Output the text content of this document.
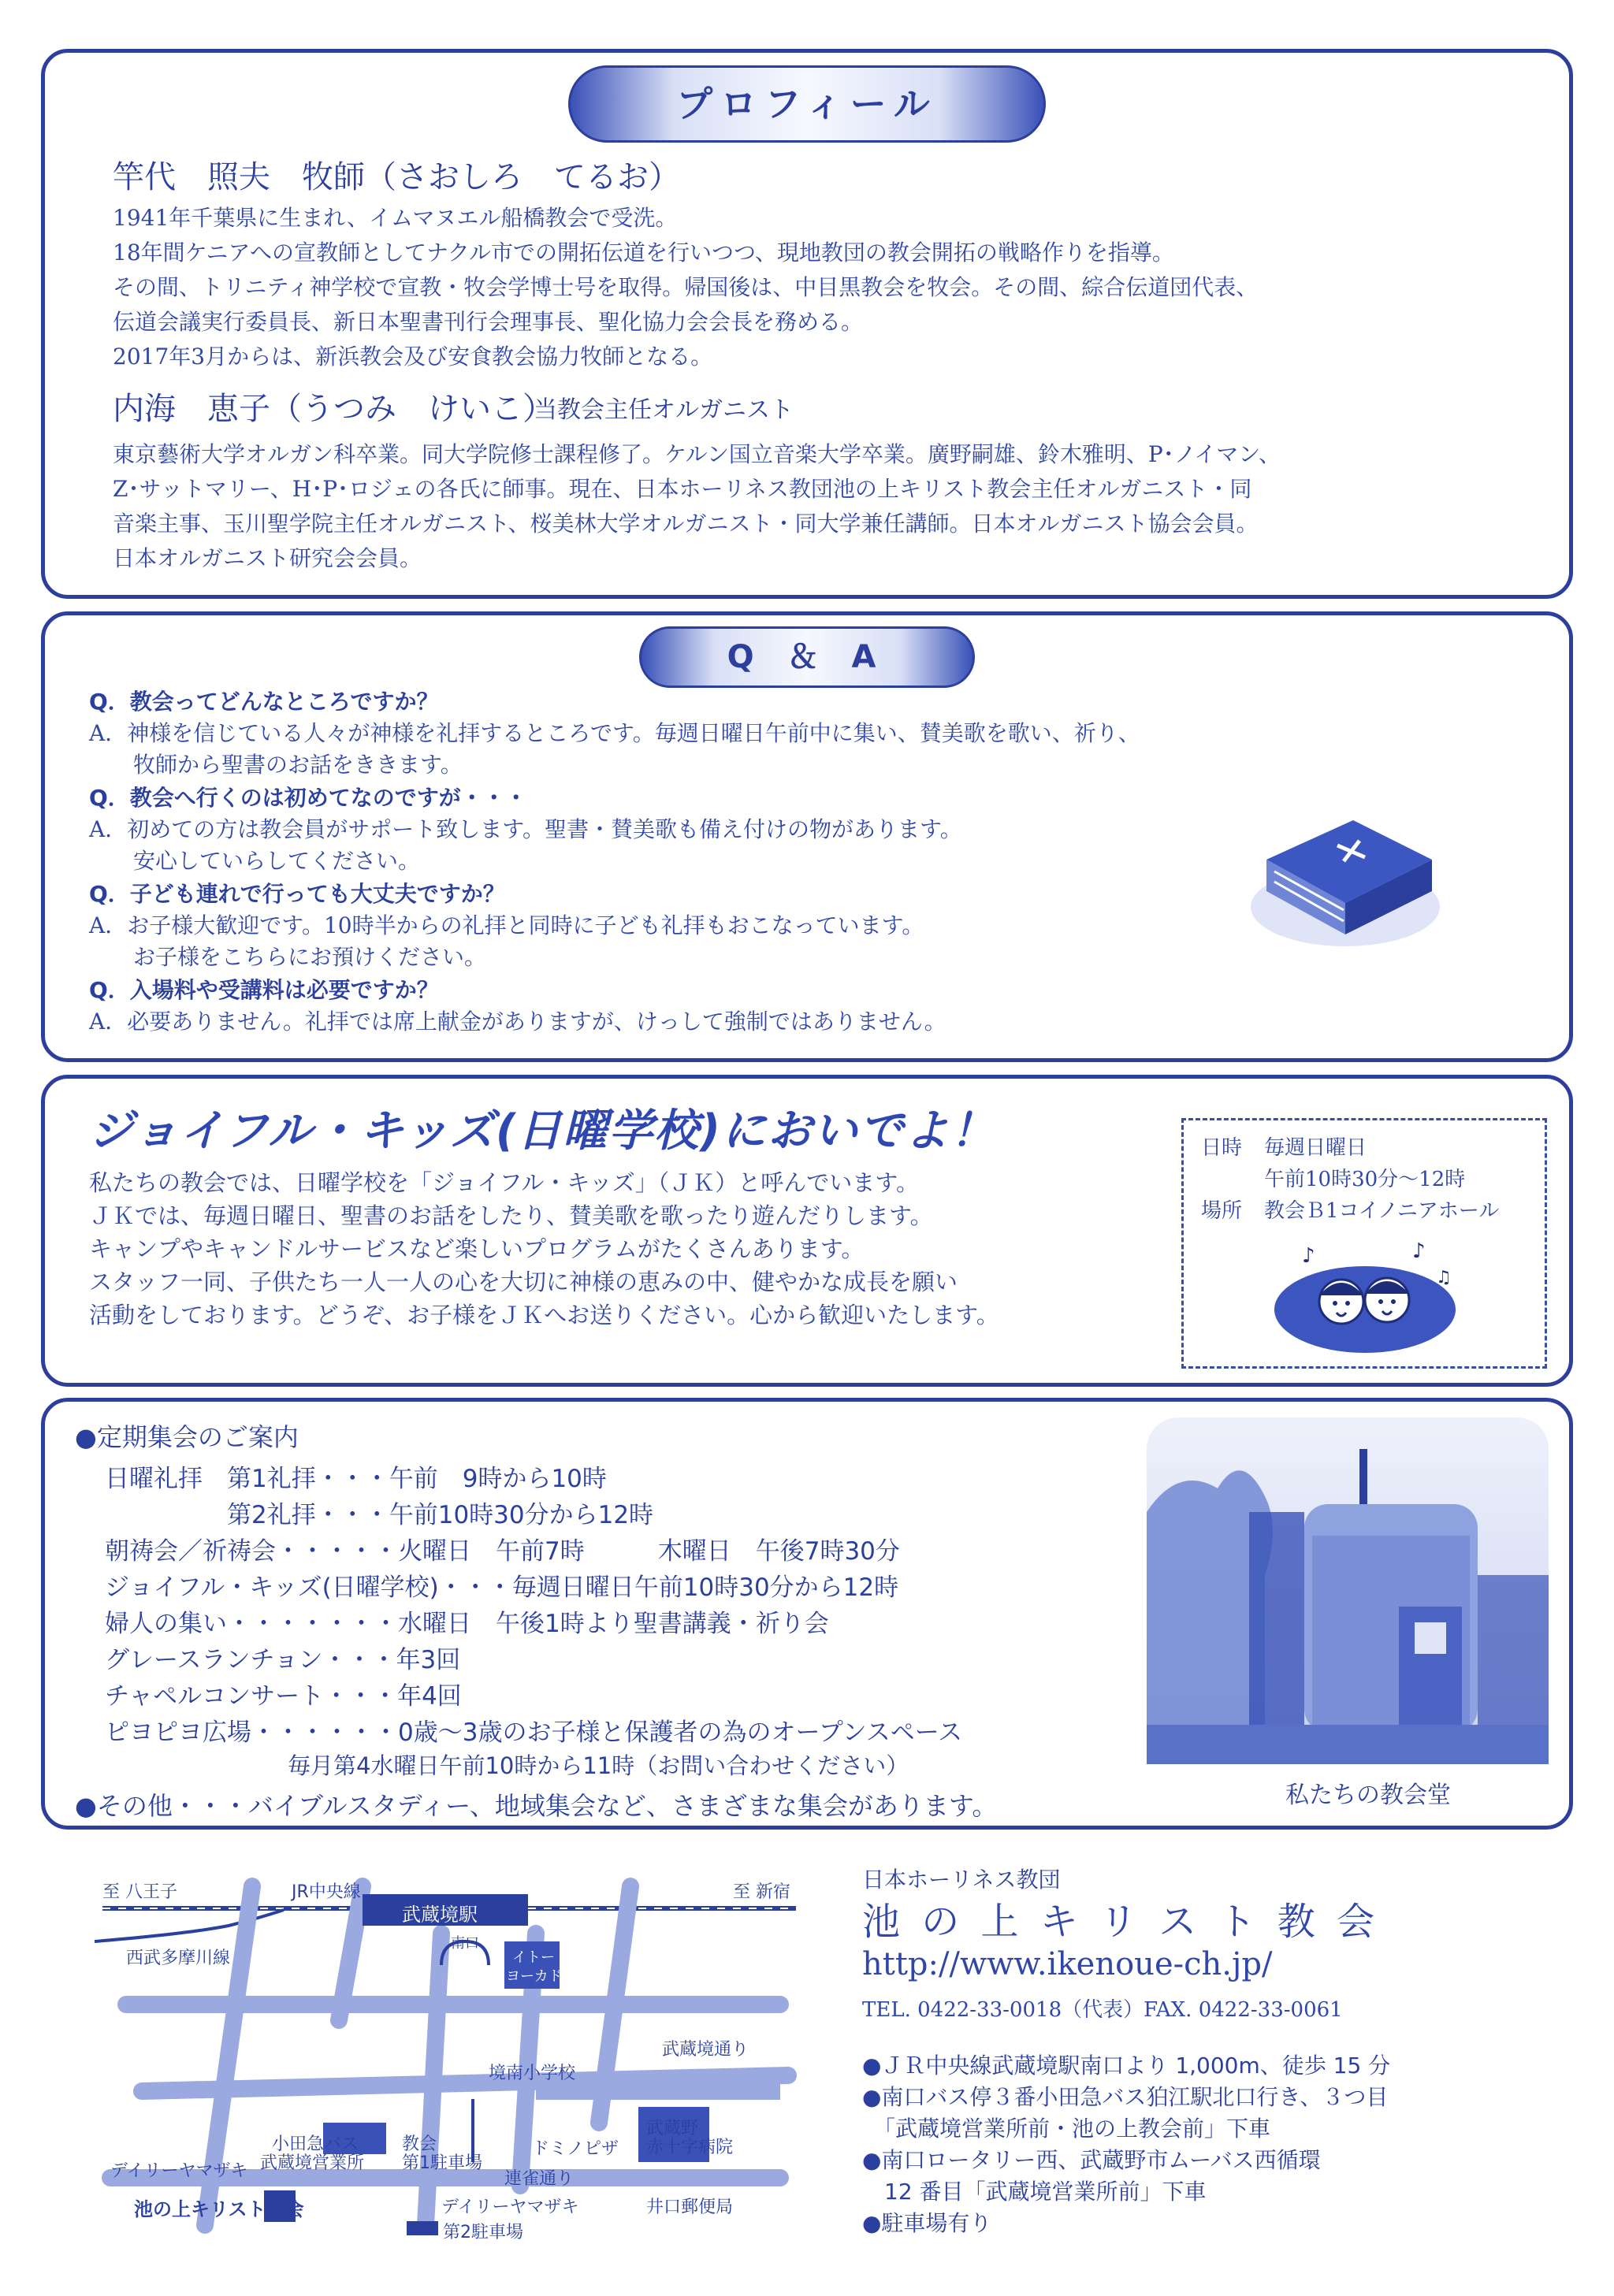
プロフィール
竿代　照夫　牧師（さおしろ　てるお）
1941年千葉県に生まれ、イムマヌエル船橋教会で受洗。
18年間ケニアへの宣教師としてナクル市での開拓伝道を行いつつ、現地教団の教会開拓の戦略作りを指導。
その間、トリニティ神学校で宣教・牧会学博士号を取得。帰国後は、中目黒教会を牧会。その間、綜合伝道団代表、
伝道会議実行委員長、新日本聖書刊行会理事長、聖化協力会会長を務める。
2017年3月からは、新浜教会及び安食教会協力牧師となる。
内海　恵子（うつみ　けいこ）
当教会主任オルガニスト
東京藝術大学オルガン科卒業。同大学院修士課程修了。ケルン国立音楽大学卒業。廣野嗣雄、鈴木雅明、P･ノイマン、
Z･サットマリー、H･P･ロジェの各氏に師事。現在、日本ホーリネス教団池の上キリスト教会主任オルガニスト・同
音楽主事、玉川聖学院主任オルガニスト、桜美林大学オルガニスト・同大学兼任講師。日本オルガニスト協会会員。
日本オルガニスト研究会会員。
Q ＆ A
Q．教会ってどんなところですか？
A．神様を信じている人々が神様を礼拝するところです。毎週日曜日午前中に集い、賛美歌を歌い、祈り、
　　牧師から聖書のお話をききます。
Q．教会へ行くのは初めてなのですが・・・
A．初めての方は教会員がサポート致します。聖書・賛美歌も備え付けの物があります。
　　安心していらしてください。
Q．子ども連れで行っても大丈夫ですか？
A．お子様大歓迎です。10時半からの礼拝と同時に子ども礼拝もおこなっています。
　　お子様をこちらにお預けください。
Q．入場料や受講料は必要ですか？
A．必要ありません。礼拝では席上献金がありますが、けっして強制ではありません。
ジョイフル・キッズ(日曜学校)においでよ！
私たちの教会では、日曜学校を「ジョイフル・キッズ」（ＪＫ）と呼んでいます。
ＪＫでは、毎週日曜日、聖書のお話をしたり、賛美歌を歌ったり遊んだりします。
キャンプやキャンドルサービスなど楽しいプログラムがたくさんあります。
スタッフ一同、子供たち一人一人の心を大切に神様の恵みの中、健やかな成長を願い
活動をしております。どうぞ、お子様をＪＫへお送りください。心から歓迎いたします。
日時 毎週日曜日
午前10時30分～12時
場所 教会Ｂ1コイノニアホール
♪	♪
♫
●定期集会のご案内
日曜礼拝　第1礼拝・・・午前　9時から10時
　　　　　第2礼拝・・・午前10時30分から12時
朝祷会／祈祷会・・・・・火曜日　午前7時　　　木曜日　午後7時30分
ジョイフル・キッズ(日曜学校)・・・毎週日曜日午前10時30分から12時
婦人の集い・・・・・・・水曜日　午後1時より聖書講義・祈り会
グレースランチョン・・・年3回
チャペルコンサート・・・年4回
ピヨピヨ広場・・・・・・0歳～3歳のお子様と保護者の為のオープンスペース
　　　　　　　　毎月第4水曜日午前10時から11時（お問い合わせください）
●その他・・・バイブルスタディー、地域集会など、さまざまな集会があります。	私たちの教会堂
至 八王子	JR中央線	至 新宿
武蔵境駅
南口
西武多摩川線	イトー
ヨーカドー
武蔵境通り
境南小学校
武蔵野
赤十字病院
小田急バス
武蔵境営業所
教会
第1駐車場
ドミノピザ
連雀通り
デイリーヤマザキ
デイリーヤマザキ
池の上キリスト教会	井口郵便局
第2駐車場
日本ホーリネス教団
池 の 上 キ リ ス ト 教 会
http://www.ikenoue-ch.jp/
TEL. 0422-33-0018（代表）FAX. 0422-33-0061
●ＪＲ中央線武蔵境駅南口より 1,000m、徒歩 15 分
●南口バス停３番小田急バス狛江駅北口行き、３つ目
　「武蔵境営業所前・池の上教会前」下車
●南口ロータリー西、武蔵野市ムーバス西循環
　12 番目「武蔵境営業所前」下車
●駐車場有り
